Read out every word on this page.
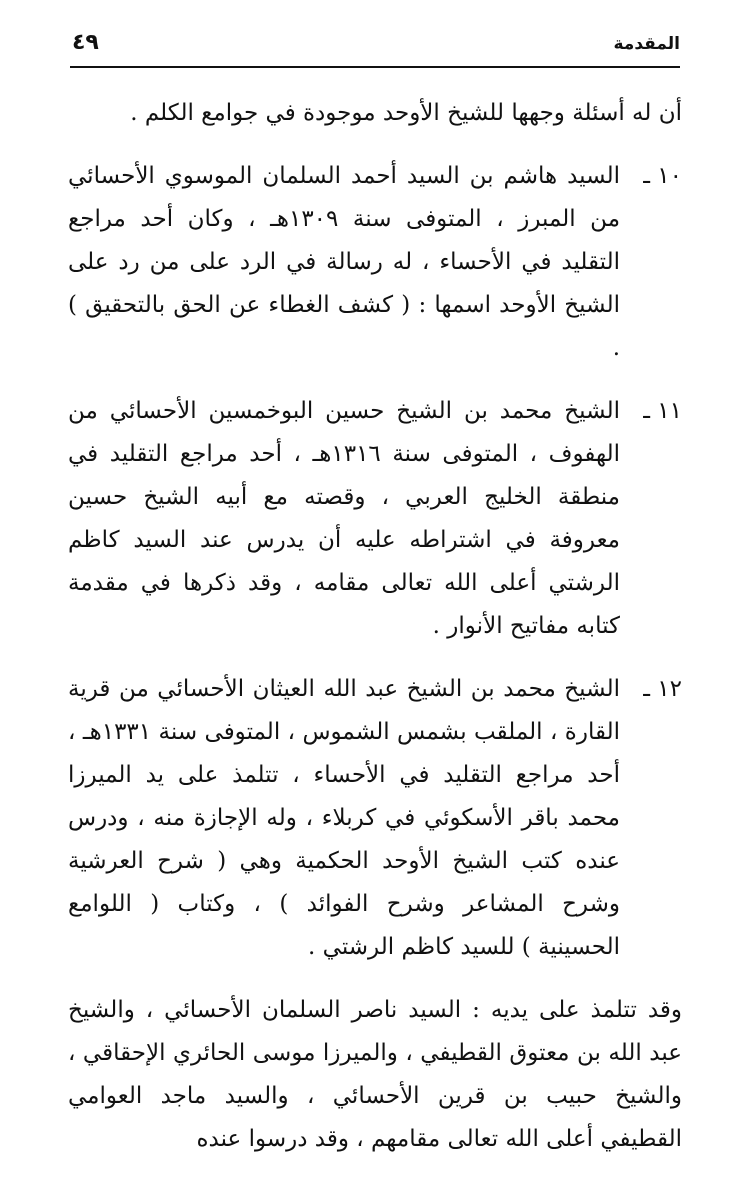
المقدمة
٤٩

أن له أسئلة وجهها للشيخ الأوحد موجودة في جوامع الكلم .

١٠ ـ
السيد هاشم بن السيد أحمد السلمان الموسوي الأحسائي من المبرز ، المتوفى سنة ١٣٠٩هـ ، وكان أحد مراجع التقليد في الأحساء ، له رسالة في الرد على من رد على الشيخ الأوحد اسمها : ( كشف الغطاء عن الحق بالتحقيق ) .
١١ ـ
الشيخ محمد بن الشيخ حسين البوخمسين الأحسائي من الهفوف ، المتوفى سنة ١٣١٦هـ ، أحد مراجع التقليد في منطقة الخليج العربي ، وقصته مع أبيه الشيخ حسين معروفة في اشتراطه عليه أن يدرس عند السيد كاظم الرشتي أعلى الله تعالى مقامه ، وقد ذكرها في مقدمة كتابه مفاتيح الأنوار .
١٢ ـ
الشيخ محمد بن الشيخ عبد الله العيثان الأحسائي من قرية القارة ، الملقب بشمس الشموس ، المتوفى سنة ١٣٣١هـ ، أحد مراجع التقليد في الأحساء ، تتلمذ على يد الميرزا محمد باقر الأسكوئي في كربلاء ، وله الإجازة منه ، ودرس عنده كتب الشيخ الأوحد الحكمية وهي ( شرح العرشية وشرح المشاعر وشرح الفوائد ) ، وكتاب ( اللوامع الحسينية ) للسيد كاظم الرشتي .

وقد تتلمذ على يديه : السيد ناصر السلمان الأحسائي ، والشيخ عبد الله بن معتوق القطيفي ، والميرزا موسى الحائري الإحقاقي ، والشيخ حبيب بن قرين الأحسائي ، والسيد ماجد العوامي القطيفي أعلى الله تعالى مقامهم ، وقد درسوا عنده
